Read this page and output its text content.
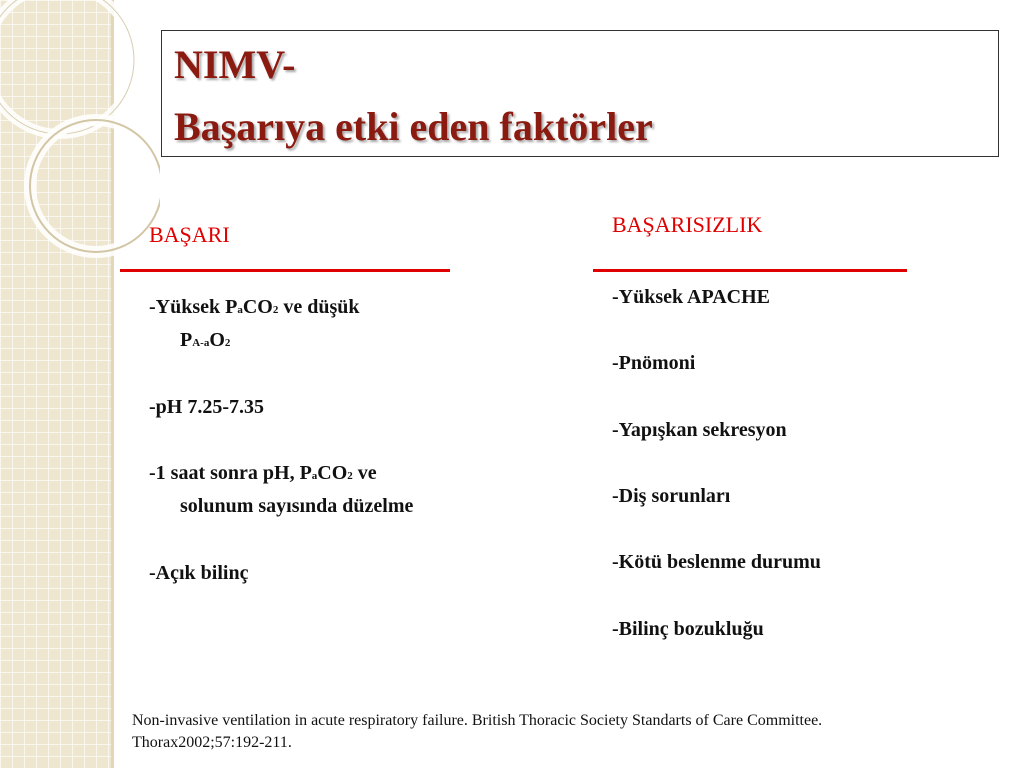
NIMV-
Başarıya etki eden faktörler
BAŞARI
-Yüksek PaCO2 ve düşük
PA-aO2
-pH 7.25-7.35
-1 saat sonra pH, PaCO2 ve
solunum sayısında düzelme
-Açık bilinç
BAŞARISIZLIK
-Yüksek APACHE
-Pnömoni
-Yapışkan sekresyon
-Diş sorunları
-Kötü beslenme durumu
-Bilinç bozukluğu
Non-invasive ventilation in acute respiratory failure. British Thoracic Society Standarts of Care Committee.
Thorax2002;57:192-211.
